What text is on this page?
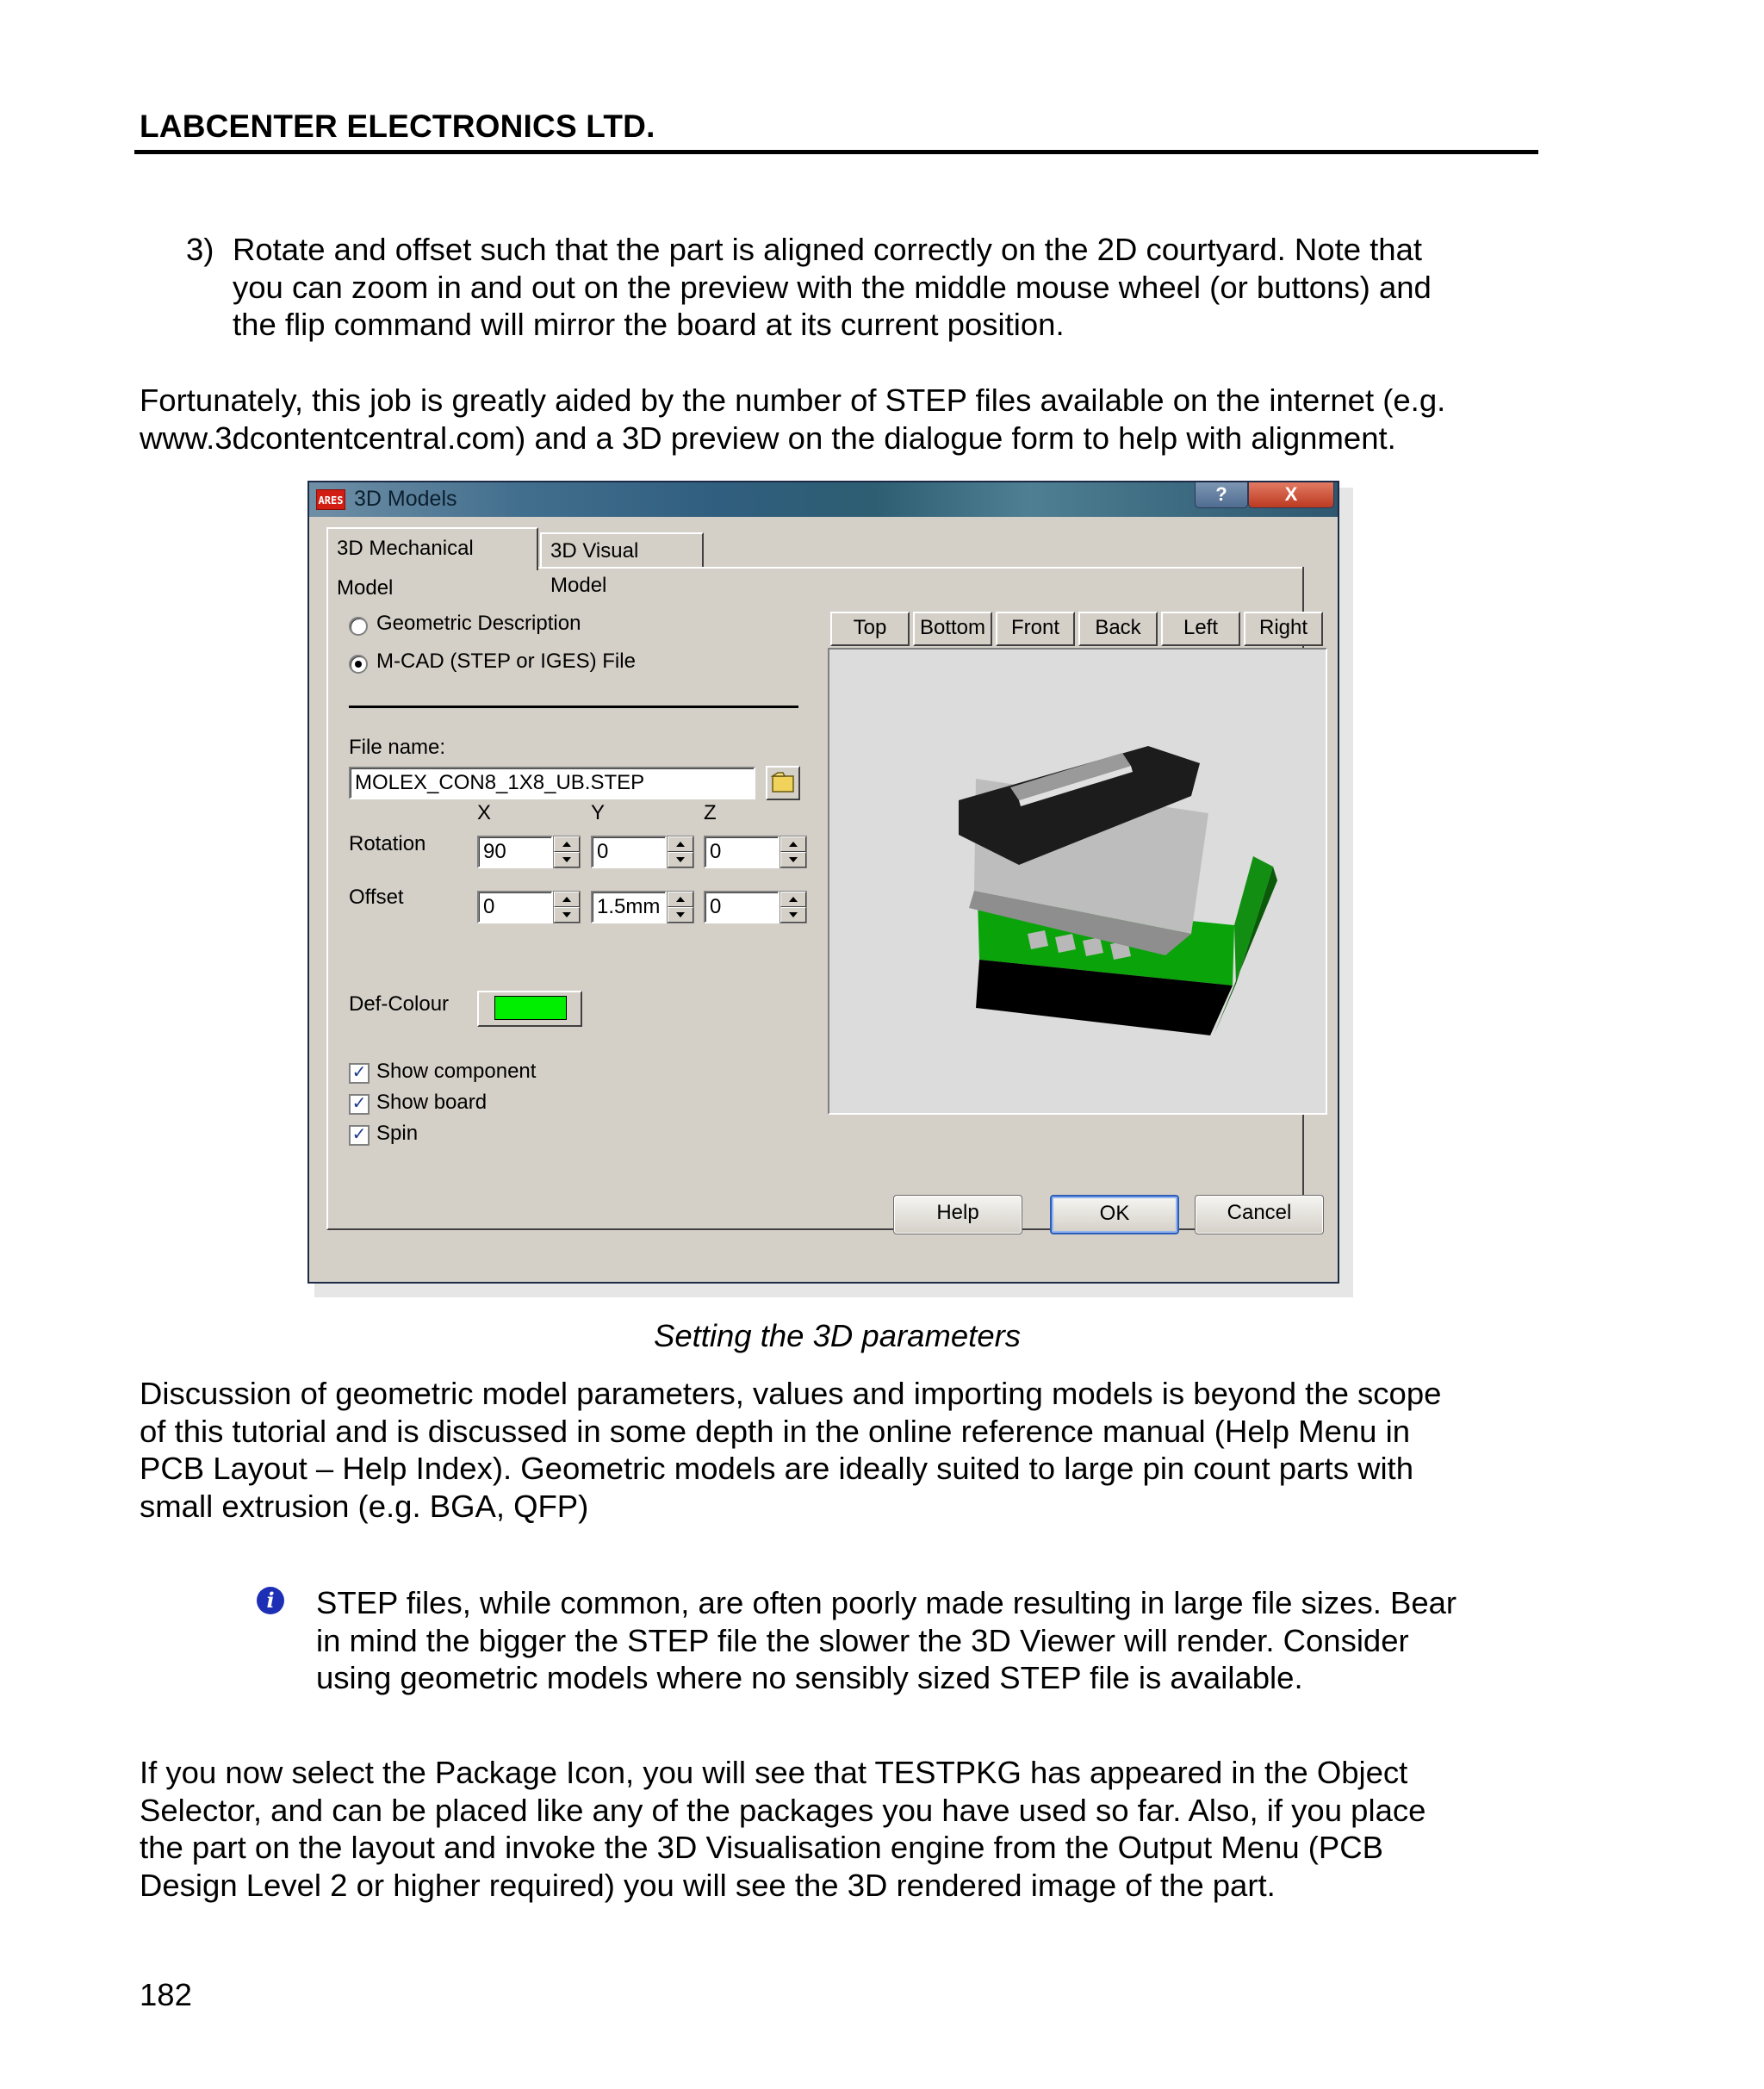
LABCENTER ELECTRONICS LTD.
3) Rotate and offset such that the part is aligned correctly on the 2D courtyard. Note that

you can zoom in and out on the preview with the middle mouse wheel (or buttons) and

the flip command will mirror the board at its current position.

Fortunately, this job is greatly aided by the number of STEP files available on the internet (e.g.

www.3dcontentcentral.com) and a 3D preview on the dialogue form to help with alignment.

ARES 3D Models	?	X
3D Mechanical Model
3D Visual Model
Geometric Description
M-CAD (STEP or IGES) File
File name:
MOLEX_CON8_1X8_UB.STEP
X	Y	Z
Rotation	90	0	0
Offset	0	1.5mm	0
Def-Colour
✓ Show component
✓ Show board
✓ Spin
Top	Bottom	Front	Back	Left	Right
Help	OK	Cancel
Setting the 3D parameters

Discussion of geometric model parameters, values and importing models is beyond the scope

of this tutorial and is discussed in some depth in the online reference manual (Help Menu in

PCB Layout – Help Index). Geometric models are ideally suited to large pin count parts with

small extrusion (e.g. BGA, QFP)

i	STEP files, while common, are often poorly made resulting in large file sizes. Bear

in mind the bigger the STEP file the slower the 3D Viewer will render. Consider

using geometric models where no sensibly sized STEP file is available.

If you now select the Package Icon, you will see that TESTPKG has appeared in the Object

Selector, and can be placed like any of the packages you have used so far. Also, if you place

the part on the layout and invoke the 3D Visualisation engine from the Output Menu (PCB

Design Level 2 or higher required) you will see the 3D rendered image of the part.

182
